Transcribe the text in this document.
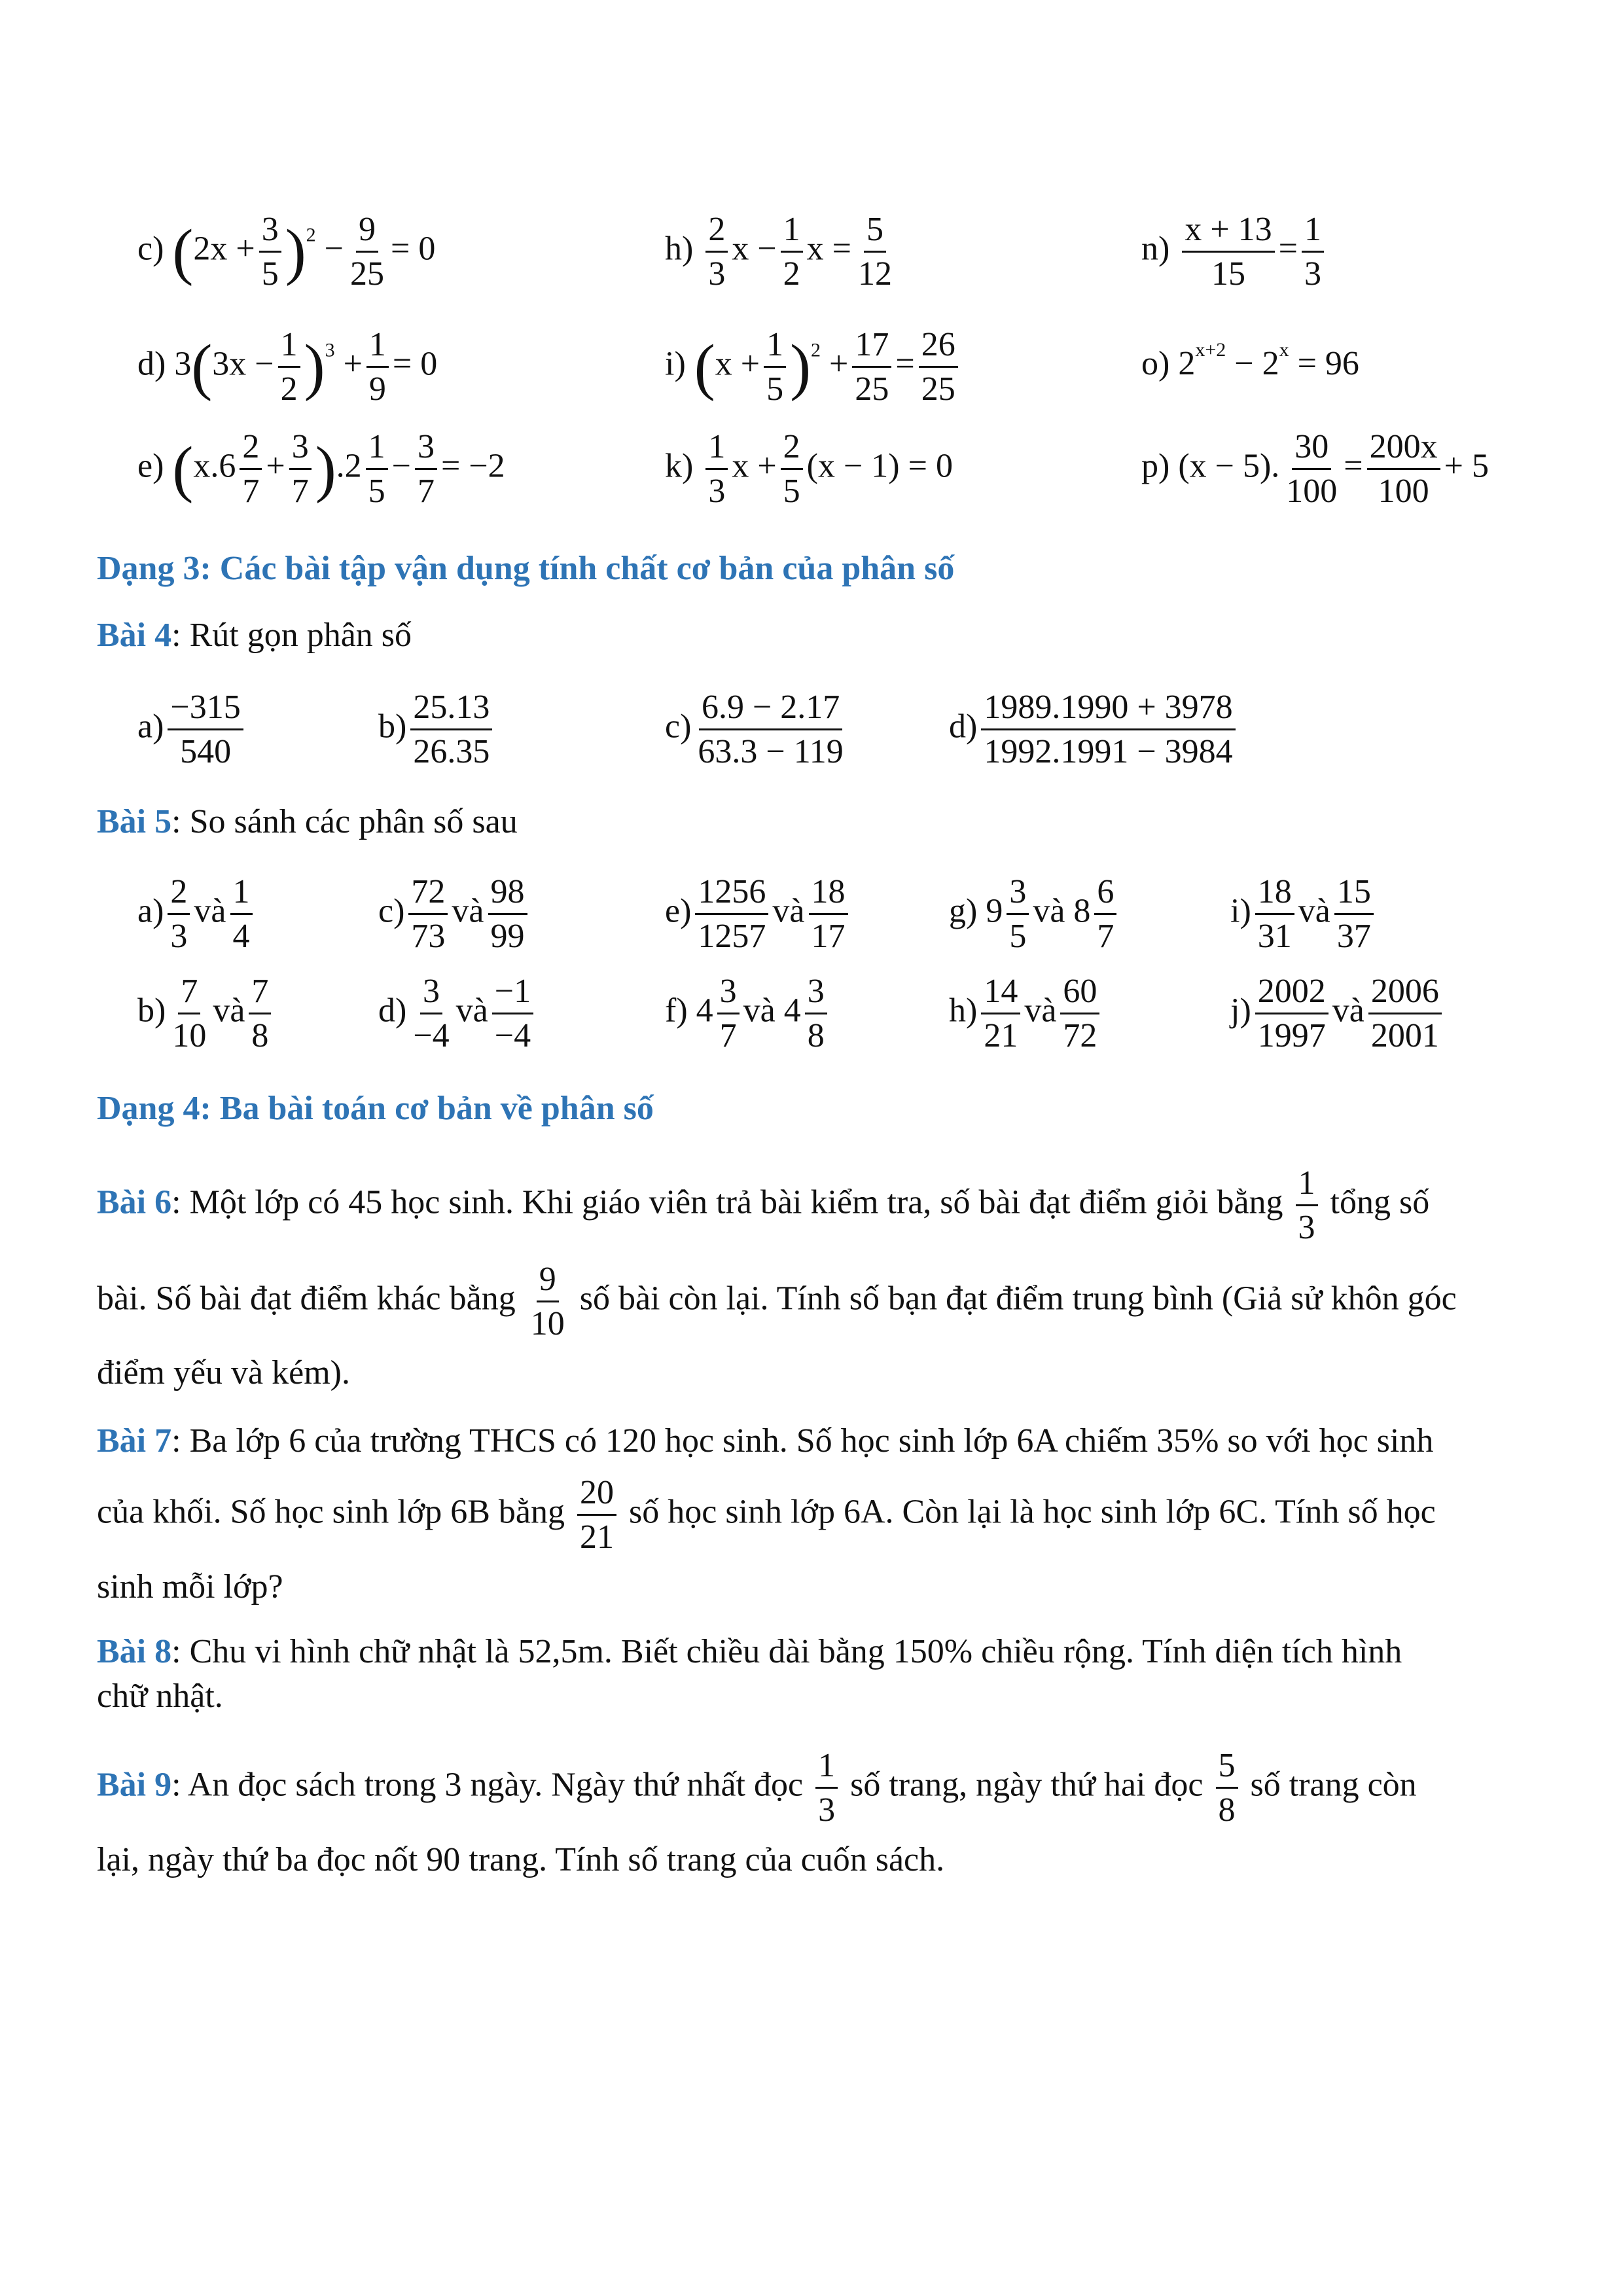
c) $(2x + \frac{3}{5} )^2 - \frac{9}{25} = 0$	$h) \frac{2}{3}$ $x - \frac{1}{2}$ $x = \frac{5}{12}$	$n) \frac{x + 13}{15} = \frac{1}{3}$
d) $3(3x - \frac{1}{2} )^3 + \frac{1}{9} = 0$	i) $(x + \frac{1}{5} )^2 + \frac{17}{25} = \frac{26}{25}$	o) $2^{x+2} - 2^x = 96$
e) $(x.6 \frac{2}{7} + \frac{3}{7} ).2 \frac{1}{5} - \frac{3}{7} = -2$	$k) \frac{1}{3}$ $x + \frac{2}{5} (x - 1) = 0$	p) (x − 5). $\frac{30}{100} = \frac{200x}{100} + 5$
Dạng 3: Các bài tập vận dụng tính chất cơ bản của phân số
Bài 4: Rút gọn phân số
$a) \frac{-315}{540}$	$b) \frac{25.13}{26.35}$	$c) \frac{6.9 - 2.17}{63.3 - 119}$	$d) \frac{1989.1990 + 3978}{1992.1991 - 3984}$
Bài 5: So sánh các phân số sau
$a) \frac{2}{3}$ và $\frac{1}{4}$	$c) \frac{72}{73}$ và $\frac{98}{99}$	$e) \frac{1256}{1257}$ và $\frac{18}{17}$	g) $9 \frac{3}{5}$ và $8 \frac{6}{7}$	$i) \frac{18}{31}$ và $\frac{15}{37}$
$b) \frac{7}{10}$ và $\frac{7}{8}$	$d) \frac{3}{-4}$ và $\frac{-1}{-4}$	f) $4 \frac{3}{7}$ và $4 \frac{3}{8}$	$h) \frac{14}{21}$ và $\frac{60}{72}$	$j) \frac{2002}{1997}$ và $\frac{2006}{2001}$
Dạng 4: Ba bài toán cơ bản về phân số
Bài 6: Một lớp có 45 học sinh. Khi giáo viên trả bài kiểm tra, số bài đạt điểm giỏi bằng $\frac{1}{3}$ tổng số
bài. Số bài đạt điểm khác bằng $\frac{9}{10}$ số bài còn lại. Tính số bạn đạt điểm trung bình (Giả sử khôn góc
điểm yếu và kém).
Bài 7: Ba lớp 6 của trường THCS có 120 học sinh. Số học sinh lớp 6A chiếm 35% so với học sinh
của khối. Số học sinh lớp 6B bằng $\frac{20}{21}$ số học sinh lớp 6A. Còn lại là học sinh lớp 6C. Tính số học
sinh mỗi lớp?
Bài 8: Chu vi hình chữ nhật là 52,5m. Biết chiều dài bằng 150% chiều rộng. Tính diện tích hình
chữ nhật.
Bài 9: An đọc sách trong 3 ngày. Ngày thứ nhất đọc $\frac{1}{3}$ số trang, ngày thứ hai đọc $\frac{5}{8}$ số trang còn
lại, ngày thứ ba đọc nốt 90 trang. Tính số trang của cuốn sách.
